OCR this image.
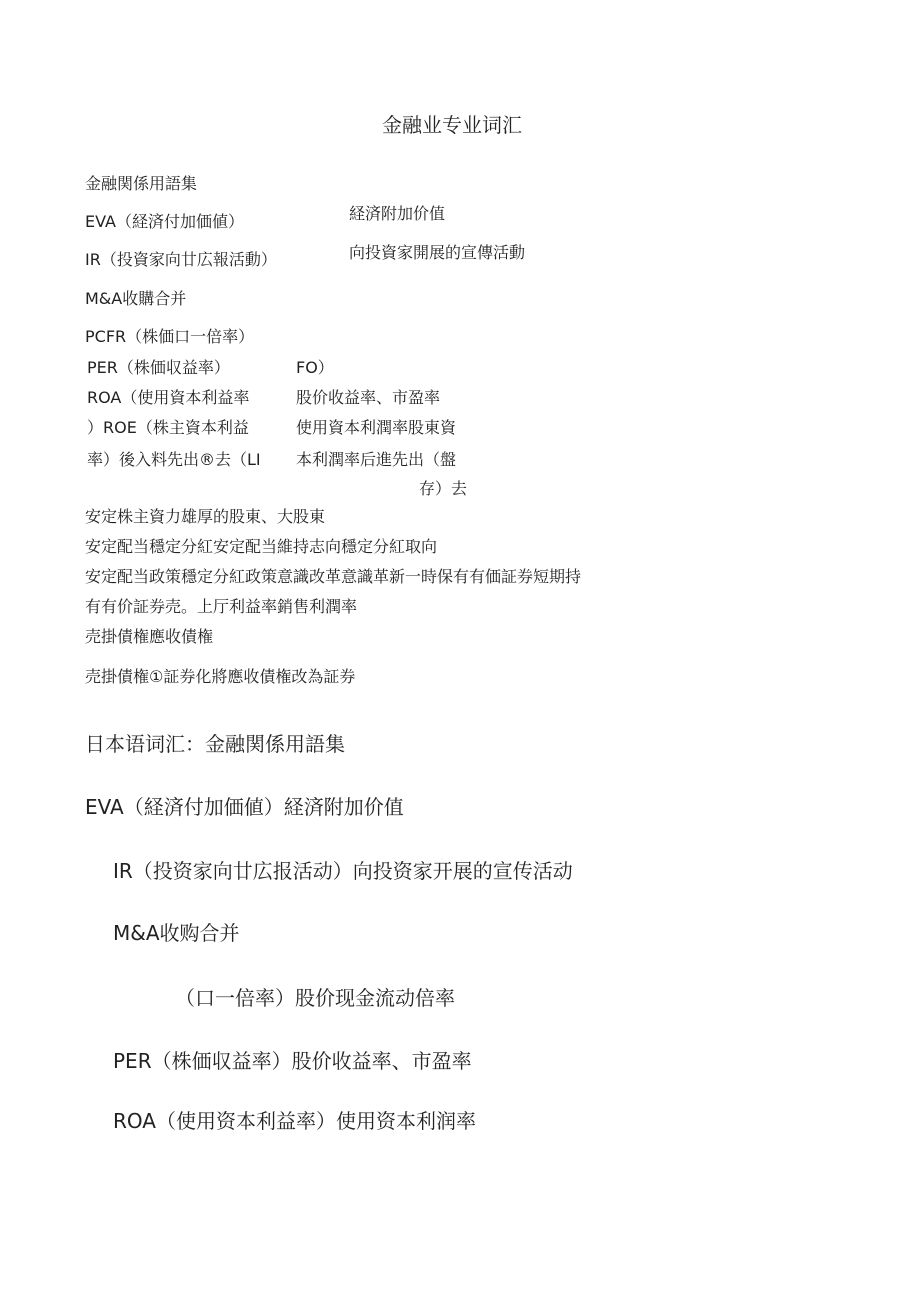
金融业专业词汇
金融関係用語集
EVA（経済付加価値）	経済附加价值
IR（投資家向廿広報活動）	向投資家開展的宣傳活動
M&A收購合并
PCFR（株価口一倍率）
PER（株価収益率）
ROA（使用資本利益率
）ROE（株主資本利益
率）後入料先出®去（LI
FO）
股价收益率、市盈率
使用資本利潤率股東資
本利潤率后進先出（盤
存）去
安定株主資力雄厚的股東、大股東
安定配当穩定分紅安定配当維持志向穩定分紅取向
安定配当政策穩定分紅政策意識改革意識革新一時保有有価証券短期持
有有价証券売。上厅利益率銷售利潤率
売掛債権應收債権
売掛債権①証券化將應收債権改為証券
日本语词汇：金融関係用語集
EVA（経済付加価値）経済附加价值
IR（投资家向廿広报活动）向投资家开展的宣传活动
M&A收购合并
（口一倍率）股价现金流动倍率
PER（株価収益率）股价收益率、市盈率
ROA（使用资本利益率）使用资本利润率
